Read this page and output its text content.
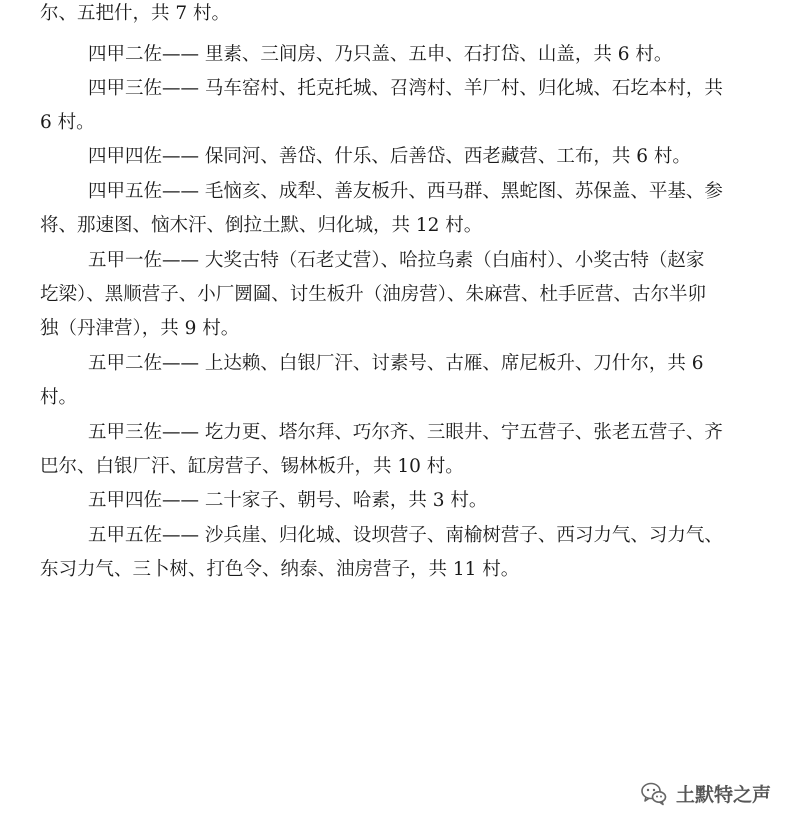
尔、五把什，共 7 村。
四甲二佐—— 里素、三间房、乃只盖、五申、石打岱、山盖，共 6 村。
四甲三佐—— 马车窑村、托克托城、召湾村、羊厂村、归化城、石圪本村，共
6 村。
四甲四佐—— 保同河、善岱、什乐、后善岱、西老藏营、工布，共 6 村。
四甲五佐—— 毛恼亥、成犁、善友板升、西马群、黑蛇图、苏保盖、平基、参
将、那速图、恼木汗、倒拉土默、归化城，共 12 村。
五甲一佐—— 大奖古特（石老丈营）、哈拉乌素（白庙村）、小奖古特（赵家
圪梁）、黑顺营子、小厂圐圙、讨生板升（油房营）、朱麻营、杜手匠营、古尔半卯
独（丹津营），共 9 村。
五甲二佐—— 上达赖、白银厂汗、讨素号、古雁、席尼板升、刀什尔，共 6
村。
五甲三佐—— 圪力更、塔尔拜、巧尔齐、三眼井、宁五营子、张老五营子、齐
巴尔、白银厂汗、缸房营子、锡林板升，共 10 村。
五甲四佐—— 二十家子、朝号、哈素，共 3 村。
五甲五佐—— 沙兵崖、归化城、设坝营子、南榆树营子、西习力气、习力气、
东习力气、三卜树、打色令、纳泰、油房营子，共 11 村。
土默特之声
